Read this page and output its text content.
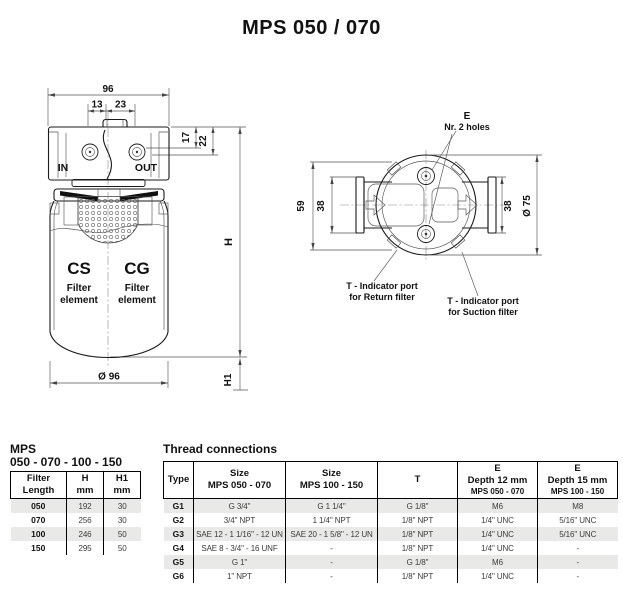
MPS 050 / 070
96
13 23
17 22
H
H1
IN	OUT
CS CG
Filter
element
Filter
element
Ø 96
E
Nr. 2 holes
59 38	38 Ø 75
T - Indicator port
for Return filter	T - Indicator port
for Suction filter
MPS
050 - 070 - 100 - 150
Filter
Length

H
mm

H1
mm

050	192	30
070	256	30
100	246	50
150	295	50
Thread connections
Type

Size
MPS 050 - 070

Size
MPS 100 - 150

T

E
Depth 12 mm
MPS 050 - 070

E
Depth 15 mm
MPS 100 - 150

G1	G 3/4"	G 1 1/4"	G 1/8"	M6	M8
G2	3/4" NPT	1 1/4" NPT	1/8" NPT	1/4" UNC	5/16" UNC
G3	SAE 12 - 1 1/16" - 12 UN	SAE 20 - 1 5/8" - 12 UN	1/8" NPT	1/4" UNC	5/16" UNC
G4	SAE 8 - 3/4" - 16 UNF	-	1/8" NPT	1/4" UNC	-
G5	G 1"	-	G 1/8"	M6	-
G6	1" NPT	-	1/8" NPT	1/4" UNC	-
